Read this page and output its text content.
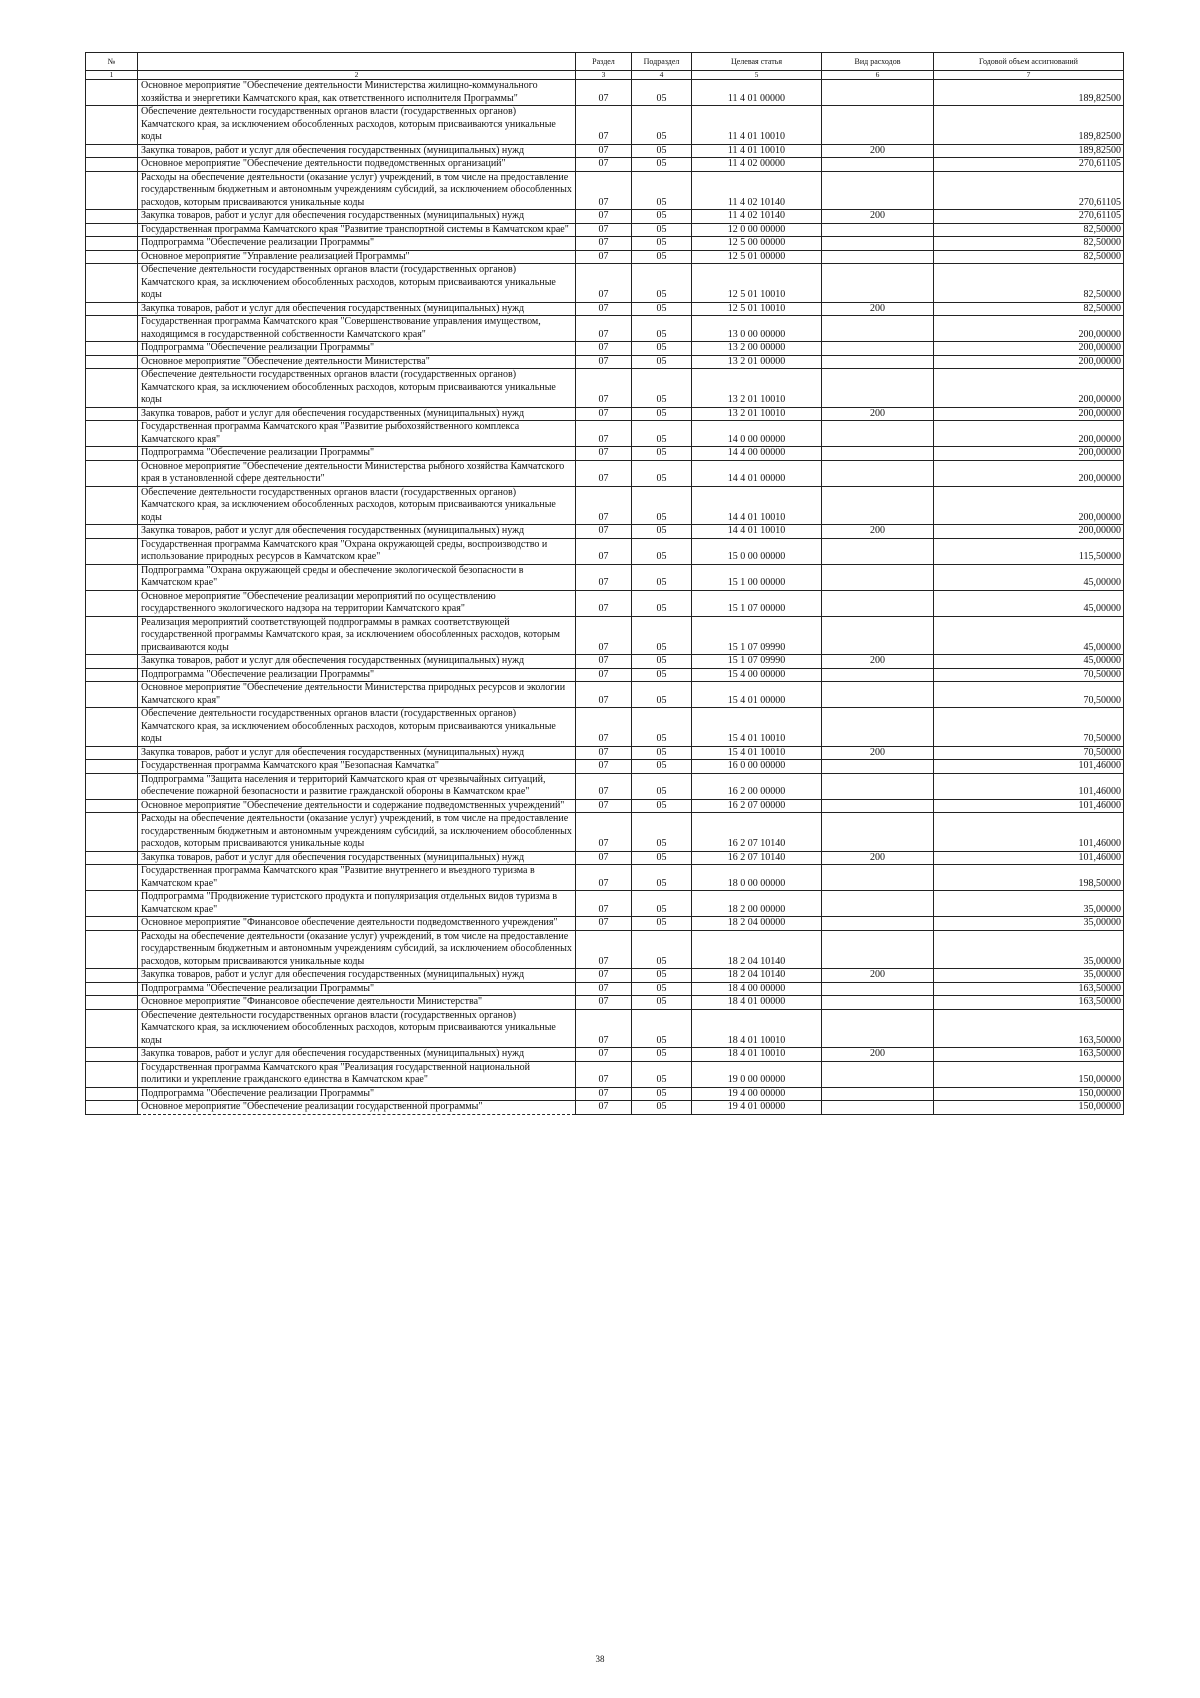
№		Раздел	Подраздел	Целевая статья	Вид расходов	Годовой объем ассигнований
1	2	3	4	5	6	7
	Основное мероприятие "Обеспечение деятельности Министерства жилищно-коммунального хозяйства и энергетики Камчатского края, как ответственного исполнителя Программы"	07	05	11 4 01 00000		189,82500
	Обеспечение деятельности государственных органов власти (государственных органов) Камчатского края, за исключением обособленных расходов, которым присваиваются уникальные коды	07	05	11 4 01 10010		189,82500
	Закупка товаров, работ и услуг для обеспечения государственных (муниципальных) нужд	07	05	11 4 01 10010	200	189,82500
	Основное мероприятие "Обеспечение деятельности подведомственных организаций"	07	05	11 4 02 00000		270,61105
	Расходы на обеспечение деятельности (оказание услуг) учреждений, в том числе на предоставление государственным бюджетным и автономным учреждениям субсидий, за исключением обособленных расходов, которым присваиваются уникальные коды	07	05	11 4 02 10140		270,61105
	Закупка товаров, работ и услуг для обеспечения государственных (муниципальных) нужд	07	05	11 4 02 10140	200	270,61105
	Государственная программа Камчатского края "Развитие транспортной системы в Камчатском крае"	07	05	12 0 00 00000		82,50000
	Подпрограмма "Обеспечение реализации Программы"	07	05	12 5 00 00000		82,50000
	Основное мероприятие "Управление реализацией Программы"	07	05	12 5 01 00000		82,50000
	Обеспечение деятельности государственных органов власти (государственных органов) Камчатского края, за исключением обособленных расходов, которым присваиваются уникальные коды	07	05	12 5 01 10010		82,50000
	Закупка товаров, работ и услуг для обеспечения государственных (муниципальных) нужд	07	05	12 5 01 10010	200	82,50000
	Государственная программа Камчатского края "Совершенствование управления имуществом, находящимся в государственной собственности Камчатского края"	07	05	13 0 00 00000		200,00000
	Подпрограмма "Обеспечение реализации Программы"	07	05	13 2 00 00000		200,00000
	Основное мероприятие "Обеспечение деятельности Министерства"	07	05	13 2 01 00000		200,00000
	Обеспечение деятельности государственных органов власти (государственных органов) Камчатского края, за исключением обособленных расходов, которым присваиваются уникальные коды	07	05	13 2 01 10010		200,00000
	Закупка товаров, работ и услуг для обеспечения государственных (муниципальных) нужд	07	05	13 2 01 10010	200	200,00000
	Государственная программа Камчатского края "Развитие рыбохозяйственного комплекса Камчатского края"	07	05	14 0 00 00000		200,00000
	Подпрограмма "Обеспечение реализации Программы"	07	05	14 4 00 00000		200,00000
	Основное мероприятие "Обеспечение деятельности Министерства рыбного хозяйства Камчатского края в установленной сфере деятельности"	07	05	14 4 01 00000		200,00000
	Обеспечение деятельности государственных органов власти (государственных органов) Камчатского края, за исключением обособленных расходов, которым присваиваются уникальные коды	07	05	14 4 01 10010		200,00000
	Закупка товаров, работ и услуг для обеспечения государственных (муниципальных) нужд	07	05	14 4 01 10010	200	200,00000
	Государственная программа Камчатского края "Охрана окружающей среды, воспроизводство и использование природных ресурсов в Камчатском крае"	07	05	15 0 00 00000		115,50000
	Подпрограмма "Охрана окружающей среды и обеспечение экологической безопасности в Камчатском крае"	07	05	15 1 00 00000		45,00000
	Основное мероприятие "Обеспечение реализации мероприятий по осуществлению государственного экологического надзора на территории Камчатского края"	07	05	15 1 07 00000		45,00000
	Реализация мероприятий соответствующей подпрограммы в рамках соответствующей государственной программы Камчатского края, за исключением обособленных расходов, которым присваиваются коды	07	05	15 1 07 09990		45,00000
	Закупка товаров, работ и услуг для обеспечения государственных (муниципальных) нужд	07	05	15 1 07 09990	200	45,00000
	Подпрограмма "Обеспечение реализации Программы"	07	05	15 4 00 00000		70,50000
	Основное мероприятие "Обеспечение деятельности Министерства природных ресурсов и экологии Камчатского края"	07	05	15 4 01 00000		70,50000
	Обеспечение деятельности государственных органов власти (государственных органов) Камчатского края, за исключением обособленных расходов, которым присваиваются уникальные коды	07	05	15 4 01 10010		70,50000
	Закупка товаров, работ и услуг для обеспечения государственных (муниципальных) нужд	07	05	15 4 01 10010	200	70,50000
	Государственная программа Камчатского края "Безопасная Камчатка"	07	05	16 0 00 00000		101,46000
	Подпрограмма "Защита населения и территорий Камчатского края от чрезвычайных ситуаций, обеспечение пожарной безопасности и развитие гражданской обороны в Камчатском крае"	07	05	16 2 00 00000		101,46000
	Основное мероприятие "Обеспечение деятельности и содержание подведомственных учреждений"	07	05	16 2 07 00000		101,46000
	Расходы на обеспечение деятельности (оказание услуг) учреждений, в том числе на предоставление государственным бюджетным и автономным учреждениям субсидий, за исключением обособленных расходов, которым присваиваются уникальные коды	07	05	16 2 07 10140		101,46000
	Закупка товаров, работ и услуг для обеспечения государственных (муниципальных) нужд	07	05	16 2 07 10140	200	101,46000
	Государственная программа Камчатского края "Развитие внутреннего и въездного туризма в Камчатском крае"	07	05	18 0 00 00000		198,50000
	Подпрограмма "Продвижение туристского продукта и популяризация отдельных видов туризма в Камчатском крае"	07	05	18 2 00 00000		35,00000
	Основное мероприятие "Финансовое обеспечение деятельности подведомственного учреждения"	07	05	18 2 04 00000		35,00000
	Расходы на обеспечение деятельности (оказание услуг) учреждений, в том числе на предоставление государственным бюджетным и автономным учреждениям субсидий, за исключением обособленных расходов, которым присваиваются уникальные коды	07	05	18 2 04 10140		35,00000
	Закупка товаров, работ и услуг для обеспечения государственных (муниципальных) нужд	07	05	18 2 04 10140	200	35,00000
	Подпрограмма "Обеспечение реализации Программы"	07	05	18 4 00 00000		163,50000
	Основное мероприятие "Финансовое обеспечение деятельности Министерства"	07	05	18 4 01 00000		163,50000
	Обеспечение деятельности государственных органов власти (государственных органов) Камчатского края, за исключением обособленных расходов, которым присваиваются уникальные коды	07	05	18 4 01 10010		163,50000
	Закупка товаров, работ и услуг для обеспечения государственных (муниципальных) нужд	07	05	18 4 01 10010	200	163,50000
	Государственная программа Камчатского края "Реализация государственной национальной политики и укрепление гражданского единства в Камчатском крае"	07	05	19 0 00 00000		150,00000
	Подпрограмма "Обеспечение реализации Программы"	07	05	19 4 00 00000		150,00000
	Основное мероприятие "Обеспечение реализации государственной программы"	07	05	19 4 01 00000		150,00000
38
